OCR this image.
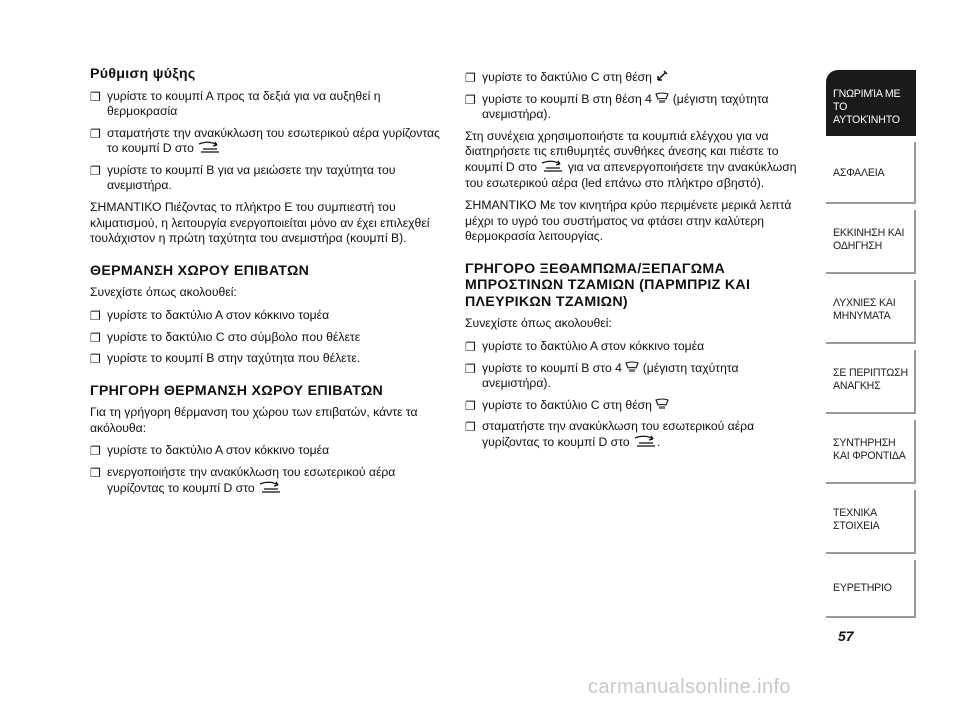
Ρύθμιση ψύξης
❐ γυρίστε το κουμπί Α προς τα δεξιά για να αυξηθεί η θερμοκρασία
❐ σταματήστε την ανακύκλωση του εσωτερικού αέρα γυρίζοντας το κουμπί D στο
❐ γυρίστε το κουμπί Β για να μειώσετε την ταχύτητα του ανεμιστήρα.

ΣΗΜΑΝΤΙΚΟ Πιέζοντας το πλήκτρο Ε του συμπιεστή του κλιματισμού, η λειτουργία ενεργοποιείται μόνο αν έχει επιλεχθεί τουλάχιστον η πρώτη ταχύτητα του ανεμιστήρα (κουμπί Β).

ΘΕΡΜΑΝΣΗ ΧΩΡΟΥ ΕΠΙΒΑΤΩΝ

Συνεχίστε όπως ακολουθεί:

❐ γυρίστε το δακτύλιο Α στον κόκκινο τομέα
❐ γυρίστε το δακτύλιο C στο σύμβολο που θέλετε
❐ γυρίστε το κουμπί Β στην ταχύτητα που θέλετε.
ΓΡΗΓΟΡΗ ΘΕΡΜΑΝΣΗ ΧΩΡΟΥ ΕΠΙΒΑΤΩΝ

Για τη γρήγορη θέρμανση του χώρου των επιβατών, κάντε τα ακόλουθα:

❐ γυρίστε το δακτύλιο Α στον κόκκινο τομέα
❐ ενεργοποιήστε την ανακύκλωση του εσωτερικού αέρα γυρίζοντας το κουμπί D στο
❐ γυρίστε το δακτύλιο C στη θέση
❐ γυρίστε το κουμπί Β στη θέση 4 (μέγιστη ταχύτητα ανεμιστήρα).

Στη συνέχεια χρησιμοποιήστε τα κουμπιά ελέγχου για να διατηρήσετε τις επιθυμητές συνθήκες άνεσης και πιέστε το κουμπί D στο	για να απενεργοποιήσετε την ανακύκλωση του εσωτερικού αέρα (led επάνω στο πλήκτρο σβηστό).

ΣΗΜΑΝΤΙΚΟ Με τον κινητήρα κρύο περιμένετε μερικά λεπτά μέχρι το υγρό του συστήματος να φτάσει στην καλύτερη θερμοκρασία λειτουργίας.

ΓΡΗΓΟΡΟ ΞΕΘΑΜΠΩΜΑ/ΞΕΠΑΓΩΜΑ ΜΠΡΟΣΤΙΝΩΝ ΤΖΑΜΙΩΝ (ΠΑΡΜΠΡΙΖ ΚΑΙ ΠΛΕΥΡΙΚΩΝ ΤΖΑΜΙΩΝ)

Συνεχίστε όπως ακολουθεί:

❐ γυρίστε το δακτύλιο Α στον κόκκινο τομέα
❐ γυρίστε το κουμπί Β στο 4 (μέγιστη ταχύτητα ανεμιστήρα).
❐ γυρίστε το δακτύλιο C στη θέση
❐ σταματήστε την ανακύκλωση του εσωτερικού αέρα γυρίζοντας το κουμπί D στο .
ΓΝΩΡΙΜΊΑ ΜΕ ΤΟ ΑΥΤΟΚΊΝΗΤΟ
ΑΣΦΑΛΕΙΑ
ΕΚΚΙΝΗΣΗ ΚΑΙ ΟΔΗΓΗΣΗ
ΛΥΧΝΙΕΣ ΚΑΙ ΜΗΝΥΜΑΤΑ
ΣΕ ΠΕΡΙΠΤΩΣΗ ΑΝΑΓΚΗΣ
ΣΥΝΤΗΡΗΣΗ ΚΑΙ ΦΡΟΝΤΙΔΑ
ΤΕΧΝΙΚΑ ΣΤΟΙΧΕΙΑ
ΕΥΡΕΤΗΡΙΟ
57
carmanualsonline.info
